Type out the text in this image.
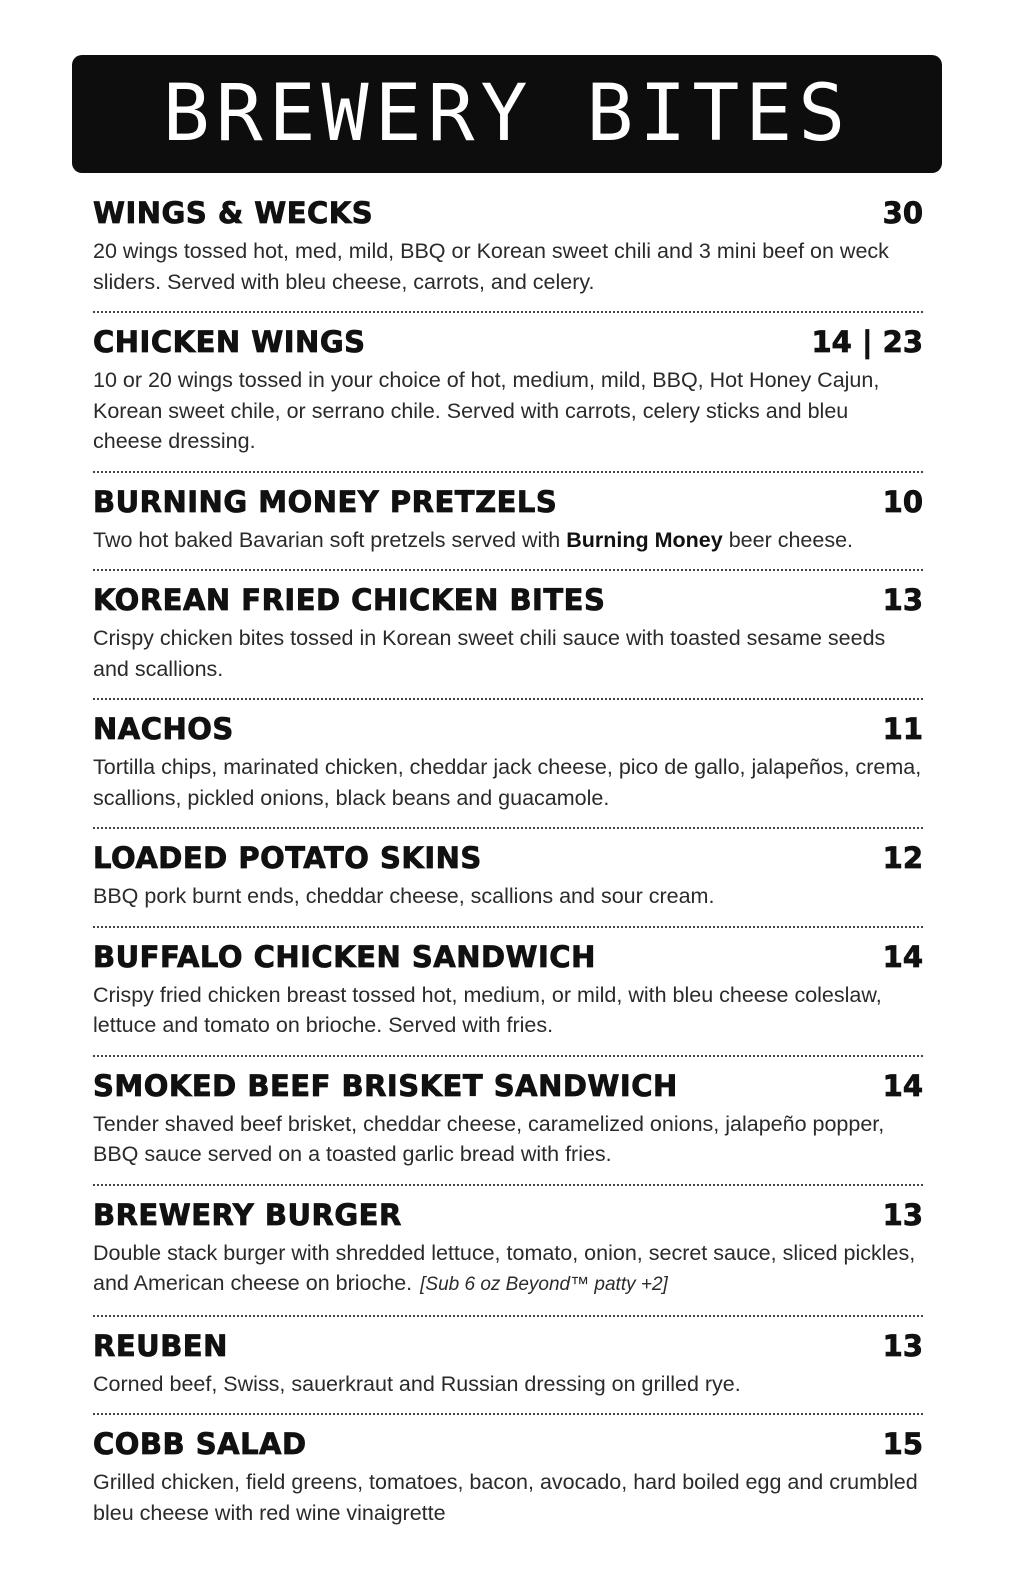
BREWERY BITES
WINGS & WECKS	30

20 wings tossed hot, med, mild, BBQ or Korean sweet chili and 3 mini beef on weck sliders. Served with bleu cheese, carrots, and celery.

CHICKEN WINGS	14 | 23

10 or 20 wings tossed in your choice of hot, medium, mild, BBQ, Hot Honey Cajun, Korean sweet chile, or serrano chile. Served with carrots, celery sticks and bleu cheese dressing.

BURNING MONEY PRETZELS	10

Two hot baked Bavarian soft pretzels served with Burning Money beer cheese.

KOREAN FRIED CHICKEN BITES	13

Crispy chicken bites tossed in Korean sweet chili sauce with toasted sesame seeds and scallions.

NACHOS	11

Tortilla chips, marinated chicken, cheddar jack cheese, pico de gallo, jalapeños, crema, scallions, pickled onions, black beans and guacamole.

LOADED POTATO SKINS	12

BBQ pork burnt ends, cheddar cheese, scallions and sour cream.

BUFFALO CHICKEN SANDWICH	14

Crispy fried chicken breast tossed hot, medium, or mild, with bleu cheese coleslaw, lettuce and tomato on brioche. Served with fries.

SMOKED BEEF BRISKET SANDWICH	14

Tender shaved beef brisket, cheddar cheese, caramelized onions, jalapeño popper, BBQ sauce served on a toasted garlic bread with fries.

BREWERY BURGER	13

Double stack burger with shredded lettuce, tomato, onion, secret sauce, sliced pickles, and American cheese on brioche. [Sub 6 oz Beyond™ patty +2]

REUBEN	13

Corned beef, Swiss, sauerkraut and Russian dressing on grilled rye.

COBB SALAD	15

Grilled chicken, field greens, tomatoes, bacon, avocado, hard boiled egg and crumbled bleu cheese with red wine vinaigrette
